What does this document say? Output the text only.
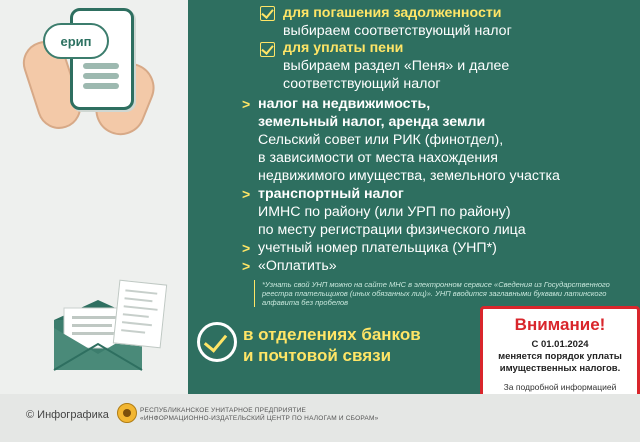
ерип
для погашения задолженности
выбираем соответствующий налог
для уплаты пени
выбираем раздел «Пеня» и далее
соответствующий налог
> налог на недвижимость,
земельный налог, аренда земли
Сельский совет или РИК (финотдел),
в зависимости от места нахождения
недвижимого имущества, земельного участка
> транспортный налог
ИМНС по району (или УРП по району)
по месту регистрации физического лица
> учетный номер плательщика (УНП*)
> «Оплатить»
*Узнать свой УНП можно на сайте МНС в электронном сервисе «Сведения из Государственного реестра плательщиков (иных обязанных лиц)». УНП вводится заглавными буквами латинского алфавита без пробелов
в отделениях банков
и почтовой связи
Внимание!
С 01.01.2024
меняется порядок уплаты
имущественных налогов.
За подробной информацией
© Инфографика	РЕСПУБЛИКАНСКОЕ УНИТАРНОЕ ПРЕДПРИЯТИЕ
«ИНФОРМАЦИОННО-ИЗДАТЕЛЬСКИЙ ЦЕНТР ПО НАЛОГАМ И СБОРАМ»
